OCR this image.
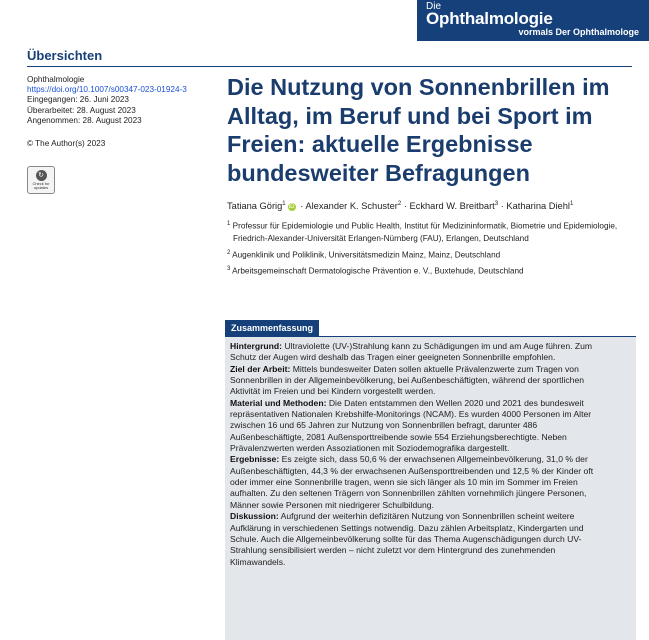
Die
Ophthalmologie
vormals Der Ophthalmologe
Übersichten
Ophthalmologie
https://doi.org/10.1007/s00347-023-01924-3
Eingegangen: 26. Juni 2023
Überarbeitet: 28. August 2023
Angenommen: 28. August 2023
© The Author(s) 2023
↻
Check for updates
Die Nutzung von Sonnenbrillen im Alltag, im Beruf und bei Sport im Freien: aktuelle Ergebnisse bundesweiter Befragungen
Tatiana Görig$^1$ iD · Alexander K. Schuster$^2$ · Eckhard W. Breitbart$^3$ · Katharina Diehl$^1$
$^1$ Professur für Epidemiologie und Public Health, Institut für Medizininformatik, Biometrie und Epidemiologie, Friedrich-Alexander-Universität Erlangen-Nürnberg (FAU), Erlangen, Deutschland
$^2$ Augenklinik und Poliklinik, Universitätsmedizin Mainz, Mainz, Deutschland
$^3$ Arbeitsgemeinschaft Dermatologische Prävention e. V., Buxtehude, Deutschland
Zusammenfassung

Hintergrund: Ultraviolette (UV-)Strahlung kann zu Schädigungen im und am Auge führen. Zum Schutz der Augen wird deshalb das Tragen einer geeigneten Sonnenbrille empfohlen.

Ziel der Arbeit: Mittels bundesweiter Daten sollen aktuelle Prävalenzwerte zum Tragen von Sonnenbrillen in der Allgemeinbevölkerung, bei Außenbeschäftigten, während der sportlichen Aktivität im Freien und bei Kindern vorgestellt werden.

Material und Methoden: Die Daten entstammen den Wellen 2020 und 2021 des bundesweit repräsentativen Nationalen Krebshilfe-Monitorings (NCAM). Es wurden 4000 Personen im Alter zwischen 16 und 65 Jahren zur Nutzung von Sonnenbrillen befragt, darunter 486 Außenbeschäftigte, 2081 Außensporttreibende sowie 554 Erziehungsberechtigte. Neben Prävalenzwerten werden Assoziationen mit Soziodemografika dargestellt.

Ergebnisse: Es zeigte sich, dass 50,6 % der erwachsenen Allgemeinbevölkerung, 31,0 % der Außenbeschäftigten, 44,3 % der erwachsenen Außensporttreibenden und 12,5 % der Kinder oft oder immer eine Sonnenbrille tragen, wenn sie sich länger als 10 min im Sommer im Freien aufhalten. Zu den seltenen Trägern von Sonnenbrillen zählten vornehmlich jüngere Personen, Männer sowie Personen mit niedrigerer Schulbildung.

Diskussion: Aufgrund der weiterhin defizitären Nutzung von Sonnenbrillen scheint weitere Aufklärung in verschiedenen Settings notwendig. Dazu zählen Arbeitsplatz, Kindergarten und Schule. Auch die Allgemeinbevölkerung sollte für das Thema Augenschädigungen durch UV-Strahlung sensibilisiert werden – nicht zuletzt vor dem Hintergrund des zunehmenden Klimawandels.
